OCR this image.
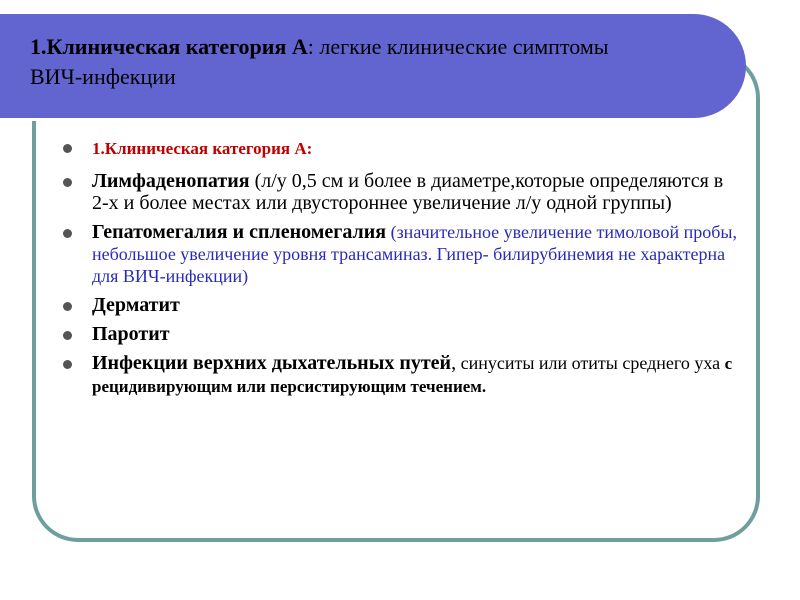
1.Клиническая категория А: легкие клинические симптомы ВИЧ-инфекции
1.Клиническая категория А:
Лимфаденопатия (л/у 0,5 см и более в диаметре,которые определяются в 2-х и более местах или двустороннее увеличение л/у одной группы)
Гепатомегалия и спленомегалия (значительное увеличение тимоловой пробы, небольшое увеличение уровня трансаминаз. Гипер- билирубинемия не характерна для ВИЧ-инфекции)
Дерматит
Паротит
Инфекции верхних дыхательных путей, синуситы или отиты среднего уха с рецидивирующим или персистирующим течением.
